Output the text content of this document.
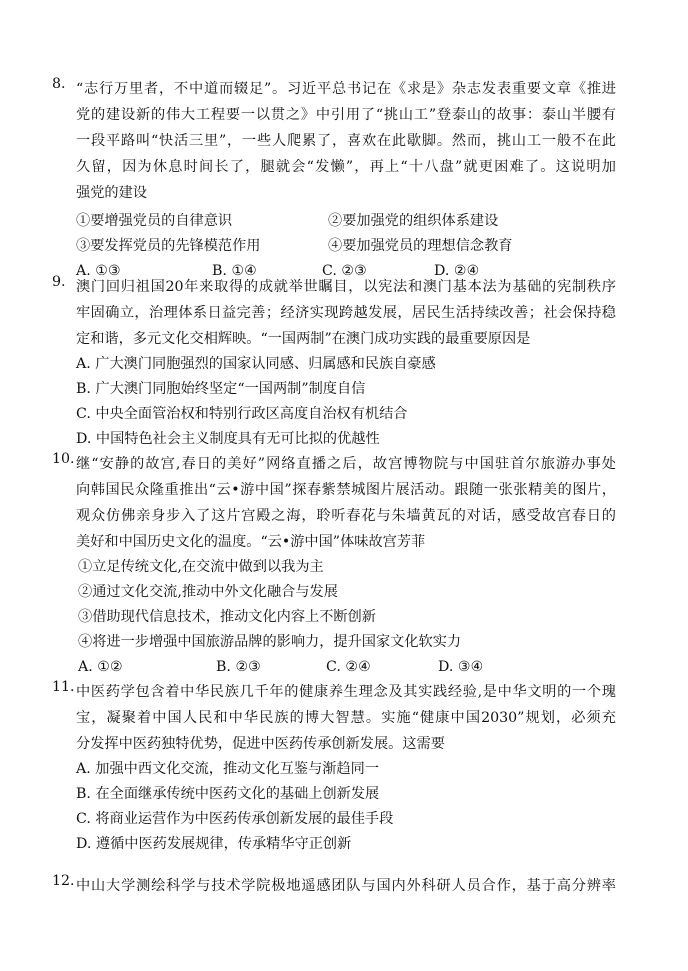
8. “志行万里者，不中道而辍足”。习近平总书记在《求是》杂志发表重要文章《推进
党的建设新的伟大工程要一以贯之》中引用了“挑山工”登泰山的故事：泰山半腰有
一段平路叫“快活三里”，一些人爬累了，喜欢在此歇脚。然而，挑山工一般不在此
久留，因为休息时间长了，腿就会“发懒”，再上“十八盘”就更困难了。这说明加
强党的建设
①要增强党员的自律意识	②要加强党的组织体系建设
③要发挥党员的先锋模范作用	④要加强党员的理想信念教育
A. ①③	B. ①④	C. ②③	D. ②④
9. 澳门回归祖国20年来取得的成就举世瞩目，以宪法和澳门基本法为基础的宪制秩序
牢固确立，治理体系日益完善；经济实现跨越发展，居民生活持续改善；社会保持稳
定和谐，多元文化交相辉映。“一国两制”在澳门成功实践的最重要原因是
A. 广大澳门同胞强烈的国家认同感、归属感和民族自豪感
B. 广大澳门同胞始终坚定“一国两制”制度自信
C. 中央全面管治权和特别行政区高度自治权有机结合
D. 中国特色社会主义制度具有无可比拟的优越性
10. 继“安静的故宫,春日的美好”网络直播之后，故宫博物院与中国驻首尔旅游办事处
向韩国民众隆重推出“云•游中国”探春紫禁城图片展活动。跟随一张张精美的图片，
观众仿佛亲身步入了这片宫殿之海，聆听春花与朱墙黄瓦的对话，感受故宫春日的
美好和中国历史文化的温度。“云•游中国”体味故宫芳菲
①立足传统文化,在交流中做到以我为主
②通过文化交流,推动中外文化融合与发展
③借助现代信息技术，推动文化内容上不断创新
④将进一步增强中国旅游品牌的影响力，提升国家文化软实力
A. ①②	B. ②③	C. ②④	D. ③④
11. 中医药学包含着中华民族几千年的健康养生理念及其实践经验,是中华文明的一个瑰
宝，凝聚着中国人民和中华民族的博大智慧。实施“健康中国2030”规划，必须充
分发挥中医药独特优势，促进中医药传承创新发展。这需要
A. 加强中西文化交流，推动文化互鉴与渐趋同一
B. 在全面继承传统中医药文化的基础上创新发展
C. 将商业运营作为中医药传承创新发展的最佳手段
D. 遵循中医药发展规律，传承精华守正创新
12. 中山大学测绘科学与技术学院极地遥感团队与国内外科研人员合作，基于高分辨率
